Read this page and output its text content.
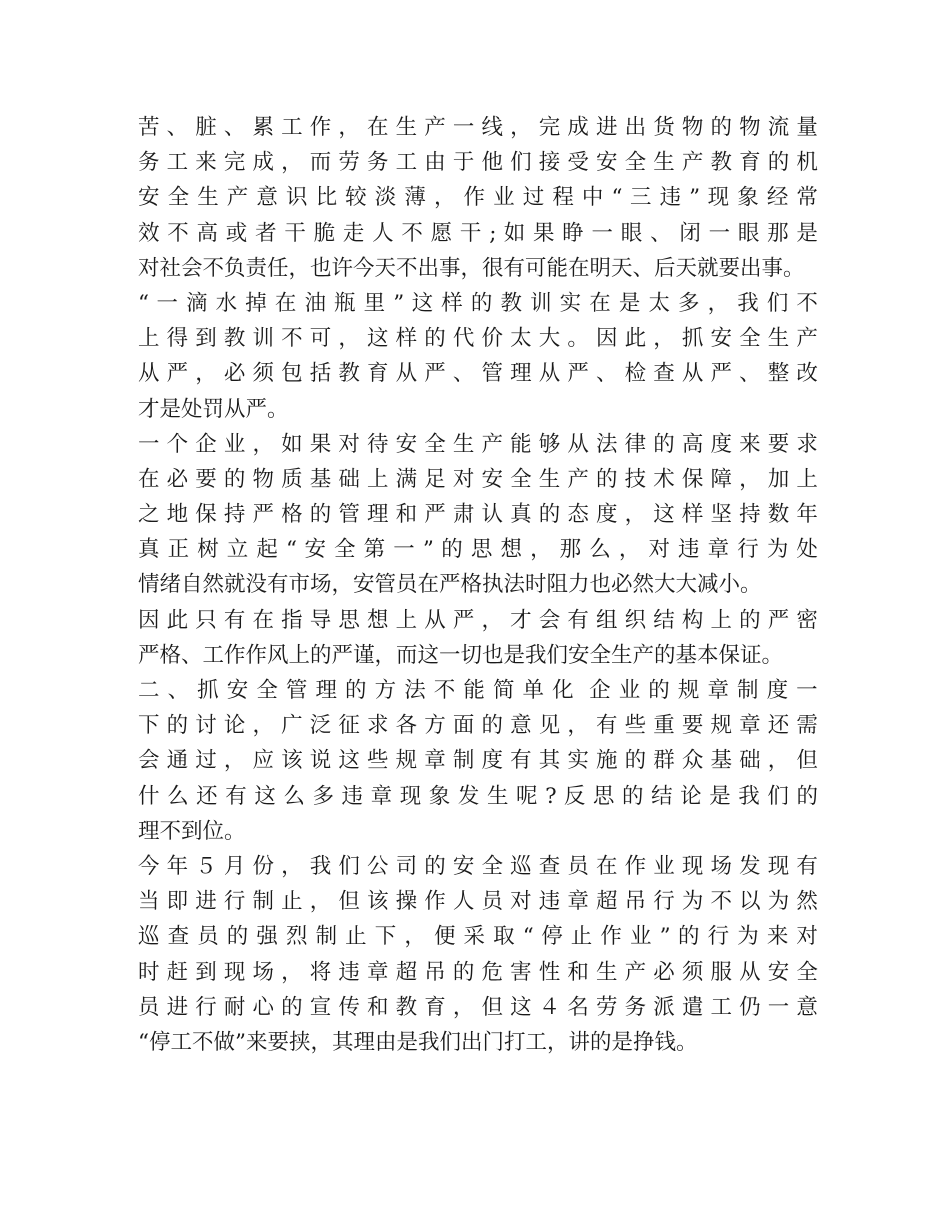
苦​ 、​ 脏​ 、​ 累​ 工​ 作​ ，​ 在​ 生​ 产​ 一​ 线​ ，​ 完​ 成​ 进​ 出​ 货​ 物​ 的​ 物​ 流​ 量
务​ 工​ 来​ 完​ 成​ ，​ 而​ 劳​ 务​ 工​ 由​ 于​ 他​ 们​ 接​ 受​ 安​ 全​ 生​ 产​ 教​ 育​ 的​ 机
安​ 全​ 生​ 产​ 意​ 识​ 比​ 较​ 淡​ 薄​ ，​ 作​ 业​ 过​ 程​ 中​ “​ 三​ 违​ ”​ 现​ 象​ 经​ 常
效​ 不​ 高​ 或​ 者​ 干​ 脆​ 走​ 人​ 不​ 愿​ 干​ ;​ 如​ 果​ 睁​ 一​ 眼​ 、​ 闭​ 一​ 眼​ 那​ 是
对社会不负责任，也许今天不出事，很有可能在明天、后天就要出事。
“​ 一​ 滴​ 水​ 掉​ 在​ 油​ 瓶​ 里​ ”​ 这​ 样​ 的​ 教​ 训​ 实​ 在​ 是​ 太​ 多​ ，​ 我​ 们​ 不
上​ 得​ 到​ 教​ 训​ 不​ 可​ ，​ 这​ 样​ 的​ 代​ 价​ 太​ 大​ 。​ 因​ 此​ ，​ 抓​ 安​ 全​ 生​ 产
从​ 严​ ，​ 必​ 须​ 包​ 括​ 教​ 育​ 从​ 严​ 、​ 管​ 理​ 从​ 严​ 、​ 检​ 查​ 从​ 严​ 、​ 整​ 改
才是处罚从严。
一​ 个​ 企​ 业​ ，​ 如​ 果​ 对​ 待​ 安​ 全​ 生​ 产​ 能​ 够​ 从​ 法​ 律​ 的​ 高​ 度​ 来​ 要​ 求
在​ 必​ 要​ 的​ 物​ 质​ 基​ 础​ 上​ 满​ 足​ 对​ 安​ 全​ 生​ 产​ 的​ 技​ 术​ 保​ 障​ ，​ 加​ 上
之​ 地​ 保​ 持​ 严​ 格​ 的​ 管​ 理​ 和​ 严​ 肃​ 认​ 真​ 的​ 态​ 度​ ，​ 这​ 样​ 坚​ 持​ 数​ 年
真​ 正​ 树​ 立​ 起​ “​ 安​ 全​ 第​ 一​ ”​ 的​ 思​ 想​ ，​ 那​ 么​ ，​ 对​ 违​ 章​ 行​ 为​ 处
情绪自然就没有市场，安管员在严格执法时阻力也必然大大减小。
因​ 此​ 只​ 有​ 在​ 指​ 导​ 思​ 想​ 上​ 从​ 严​ ，​ 才​ 会​ 有​ 组​ 织​ 结​ 构​ 上​ 的​ 严​ 密
严格、工作作风上的严谨，而这一切也是我们安全生产的基本保证。
二​ 、​ 抓​ 安​ 全​ 管​ 理​ 的​ 方​ 法​ 不​ 能​ 简​ 单​ 化​ ​ 企​ 业​ 的​ 规​ 章​ 制​ 度​ 一
下​ 的​ 讨​ 论​ ，​ 广​ 泛​ 征​ 求​ 各​ 方​ 面​ 的​ 意​ 见​ ，​ 有​ 些​ 重​ 要​ 规​ 章​ 还​ 需
会​ 通​ 过​ ，​ 应​ 该​ 说​ 这​ 些​ 规​ 章​ 制​ 度​ 有​ 其​ 实​ 施​ 的​ 群​ 众​ 基​ 础​ ，​ 但
什​ 么​ 还​ 有​ 这​ 么​ 多​ 违​ 章​ 现​ 象​ 发​ 生​ 呢​ ?​ 反​ 思​ 的​ 结​ 论​ 是​ 我​ 们​ 的
理不到位。
今​ 年​ ５​ 月​ 份​ ，​ 我​ 们​ 公​ 司​ 的​ 安​ 全​ 巡​ 查​ 员​ 在​ 作​ 业​ 现​ 场​ 发​ 现​ 有
当​ 即​ 进​ 行​ 制​ 止​ ，​ 但​ 该​ 操​ 作​ 人​ 员​ 对​ 违​ 章​ 超​ 吊​ 行​ 为​ 不​ 以​ 为​ 然
巡​ 查​ 员​ 的​ 强​ 烈​ 制​ 止​ 下​ ，​ 便​ 采​ 取​ “​ 停​ 止​ 作​ 业​ ”​ 的​ 行​ 为​ 来​ 对
时​ 赶​ 到​ 现​ 场​ ，​ 将​ 违​ 章​ 超​ 吊​ 的​ 危​ 害​ 性​ 和​ 生​ 产​ 必​ 须​ 服​ 从​ 安​ 全
员​ 进​ 行​ 耐​ 心​ 的​ 宣​ 传​ 和​ 教​ 育​ ，​ 但​ 这​ ４​ 名​ 劳​ 务​ 派​ 遣​ 工​ 仍​ 一​ 意
“停工不做”来要挟，其理由是我们出门打工，讲的是挣钱。
